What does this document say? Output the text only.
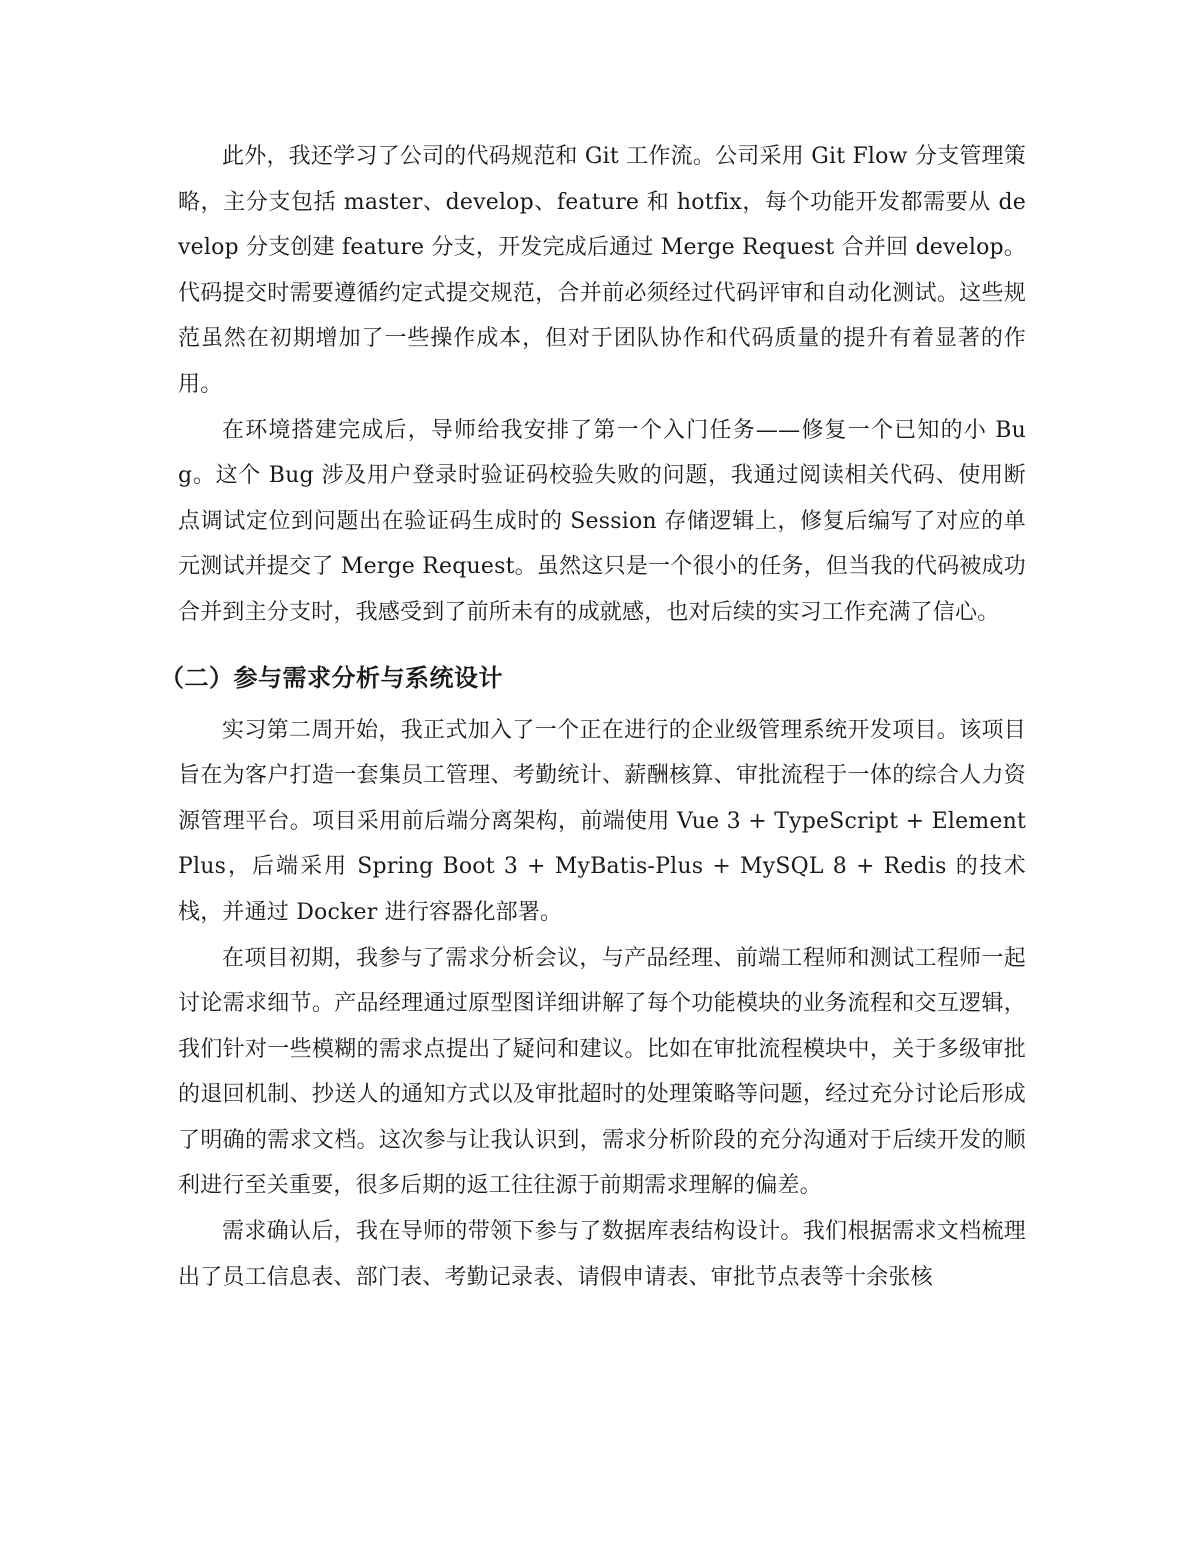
此外，我还学习了公司的代码规范和 Git 工作流。公司采用 Git Flow 分支管理策略，主分支包括 master、develop、feature 和 hotfix，每个功能开发都需要从 develop 分支创建 feature 分支，开发完成后通过 Merge Request 合并回 develop。代码提交时需要遵循约定式提交规范，合并前必须经过代码评审和自动化测试。这些规范虽然在初期增加了一些操作成本，但对于团队协作和代码质量的提升有着显著的作用。

在环境搭建完成后，导师给我安排了第一个入门任务——修复一个已知的小 Bug。这个 Bug 涉及用户登录时验证码校验失败的问题，我通过阅读相关代码、使用断点调试定位到问题出在验证码生成时的 Session 存储逻辑上，修复后编写了对应的单元测试并提交了 Merge Request。虽然这只是一个很小的任务，但当我的代码被成功合并到主分支时，我感受到了前所未有的成就感，也对后续的实习工作充满了信心。

（二）参与需求分析与系统设计

实习第二周开始，我正式加入了一个正在进行的企业级管理系统开发项目。该项目旨在为客户打造一套集员工管理、考勤统计、薪酬核算、审批流程于一体的综合人力资源管理平台。项目采用前后端分离架构，前端使用 Vue 3 + TypeScript + Element Plus，后端采用 Spring Boot 3 + MyBatis-Plus + MySQL 8 + Redis 的技术栈，并通过 Docker 进行容器化部署。

在项目初期，我参与了需求分析会议，与产品经理、前端工程师和测试工程师一起讨论需求细节。产品经理通过原型图详细讲解了每个功能模块的业务流程和交互逻辑，我们针对一些模糊的需求点提出了疑问和建议。比如在审批流程模块中，关于多级审批的退回机制、抄送人的通知方式以及审批超时的处理策略等问题，经过充分讨论后形成了明确的需求文档。这次参与让我认识到，需求分析阶段的充分沟通对于后续开发的顺利进行至关重要，很多后期的返工往往源于前期需求理解的偏差。

需求确认后，我在导师的带领下参与了数据库表结构设计。我们根据需求文档梳理出了员工信息表、部门表、考勤记录表、请假申请表、审批节点表等十余张核
